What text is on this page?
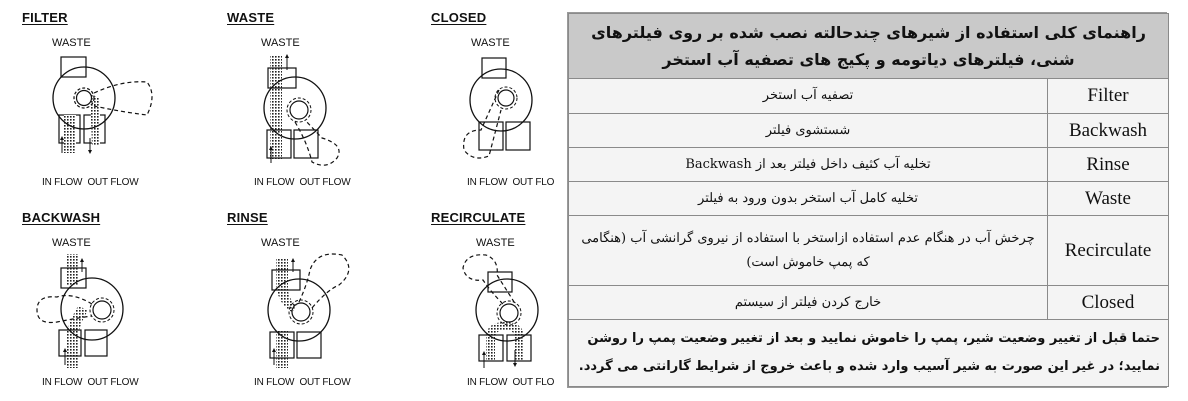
FILTER
WASTE
IN FLOW OUT FLOW
WASTE
WASTE
IN FLOW OUT FLOW
CLOSED
WASTE
IN FLOW OUT FLO
BACKWASH
WASTE
IN FLOW OUT FLOW
RINSE
WASTE
IN FLOW OUT FLOW
RECIRCULATE
WASTE
IN FLOW OUT FLO
راهنمای کلی استفاده از شیرهای چندحالته نصب شده بر روی فیلترهای شنی، فیلترهای دیاتومه و پکیج های تصفیه آب استخر	
تصفیه آب استخر	Filter
شستشوی فیلتر	Backwash
تخلیه آب کثیف داخل فیلتر بعد از Backwash	Rinse
تخلیه کامل آب استخر بدون ورود به فیلتر	Waste
چرخش آب در هنگام عدم استفاده ازاستخر با استفاده از نیروی گرانشی آب (هنگامی که پمپ خاموش است)	Recirculate
خارج کردن فیلتر از سیستم	Closed
حتما قبل از تغییر وضعیت شیر، پمپ را خاموش نمایید و بعد از تغییر وضعیت پمپ را روشن نمایید؛ در غیر این صورت به شیر آسیب وارد شده و باعث خروج از شرایط گارانتی می گردد.	
